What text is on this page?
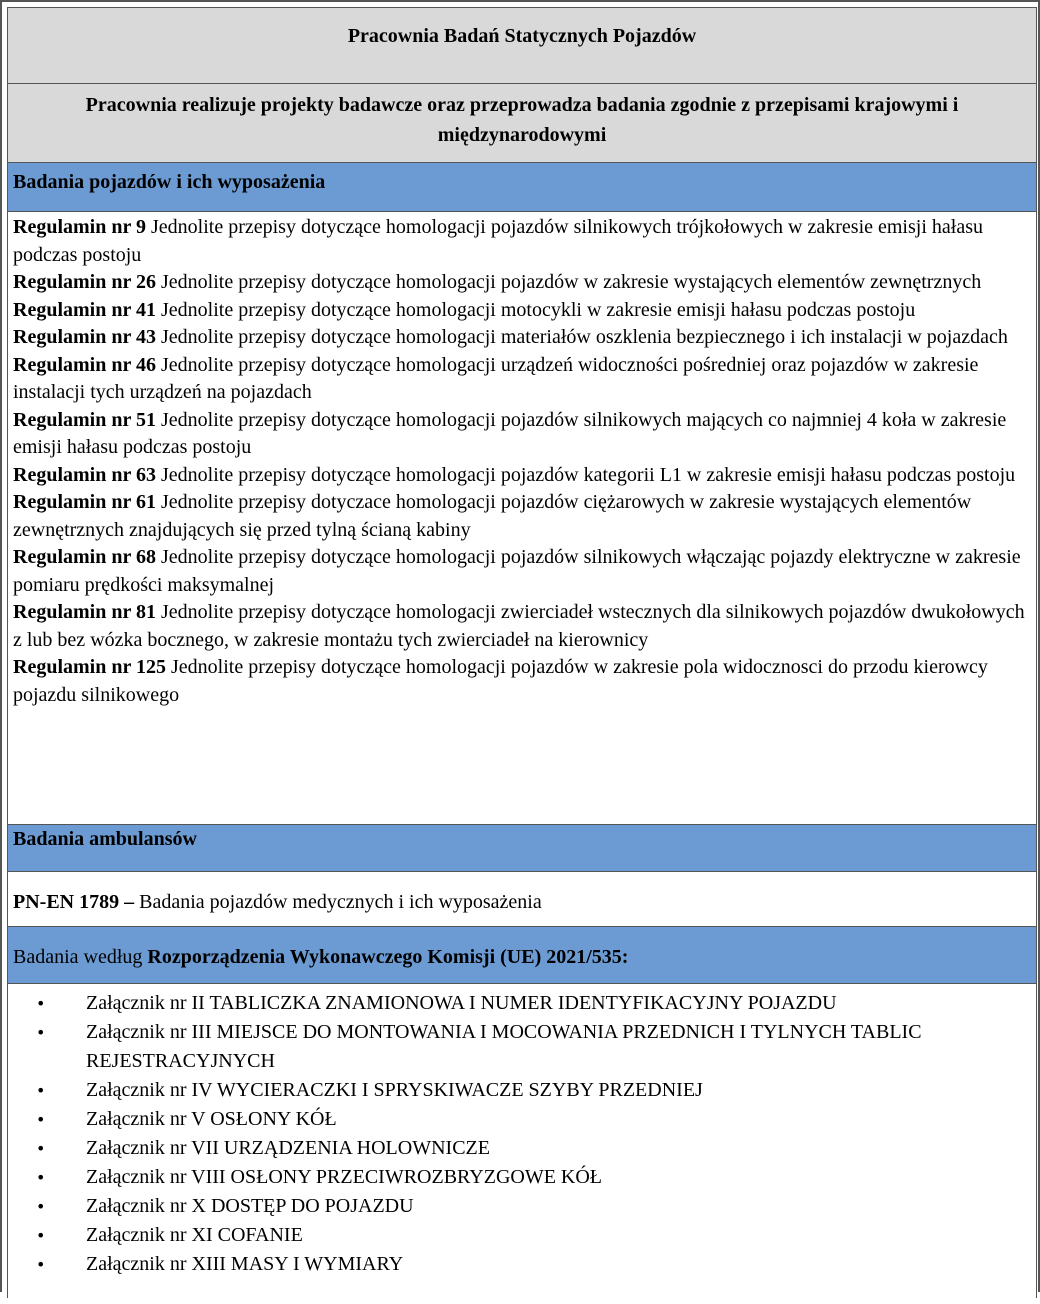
Pracownia Badań Statycznych Pojazdów
Pracownia realizuje projekty badawcze oraz przeprowadza badania zgodnie z przepisami krajowymi i międzynarodowymi
Badania pojazdów i ich wyposażenia
Regulamin nr 9 Jednolite przepisy dotyczące homologacji pojazdów silnikowych trójkołowych w zakresie emisji hałasu podczas postoju
Regulamin nr 26 Jednolite przepisy dotyczące homologacji pojazdów w zakresie wystających elementów zewnętrznych
Regulamin nr 41 Jednolite przepisy dotyczące homologacji motocykli w zakresie emisji hałasu podczas postoju
Regulamin nr 43 Jednolite przepisy dotyczące homologacji materiałów oszklenia bezpiecznego i ich instalacji w pojazdach
Regulamin nr 46 Jednolite przepisy dotyczące homologacji urządzeń widoczności pośredniej oraz pojazdów w zakresie instalacji tych urządzeń na pojazdach
Regulamin nr 51 Jednolite przepisy dotyczące homologacji pojazdów silnikowych mających co najmniej 4 koła w zakresie emisji hałasu podczas postoju
Regulamin nr 63 Jednolite przepisy dotyczące homologacji pojazdów kategorii L1 w zakresie emisji hałasu podczas postoju
Regulamin nr 61 Jednolite przepisy dotyczace homologacji pojazdów ciężarowych w zakresie wystających elementów zewnętrznych znajdujących się przed tylną ścianą kabiny
Regulamin nr 68 Jednolite przepisy dotyczące homologacji pojazdów silnikowych włączając pojazdy elektryczne w zakresie pomiaru prędkości maksymalnej
Regulamin nr 81 Jednolite przepisy dotyczące homologacji zwierciadeł wstecznych dla silnikowych pojazdów dwukołowych z lub bez wózka bocznego, w zakresie montażu tych zwierciadeł na kierownicy
Regulamin nr 125 Jednolite przepisy dotyczące homologacji pojazdów w zakresie pola widocznosci do przodu kierowcy pojazdu silnikowego
Badania ambulansów
PN-EN 1789 – Badania pojazdów medycznych i ich wyposażenia
Badania według Rozporządzenia Wykonawczego Komisji (UE) 2021/535:
• Załącznik nr II TABLICZKA ZNAMIONOWA I NUMER IDENTYFIKACYJNY POJAZDU
• Załącznik nr III MIEJSCE DO MONTOWANIA I MOCOWANIA PRZEDNICH I TYLNYCH TABLIC REJESTRACYJNYCH
• Załącznik nr IV WYCIERACZKI I SPRYSKIWACZE SZYBY PRZEDNIEJ
• Załącznik nr V OSŁONY KÓŁ
• Załącznik nr VII URZĄDZENIA HOLOWNICZE
• Załącznik nr VIII OSŁONY PRZECIWROZBRYZGOWE KÓŁ
• Załącznik nr X DOSTĘP DO POJAZDU
• Załącznik nr XI COFANIE
• Załącznik nr XIII MASY I WYMIARY
